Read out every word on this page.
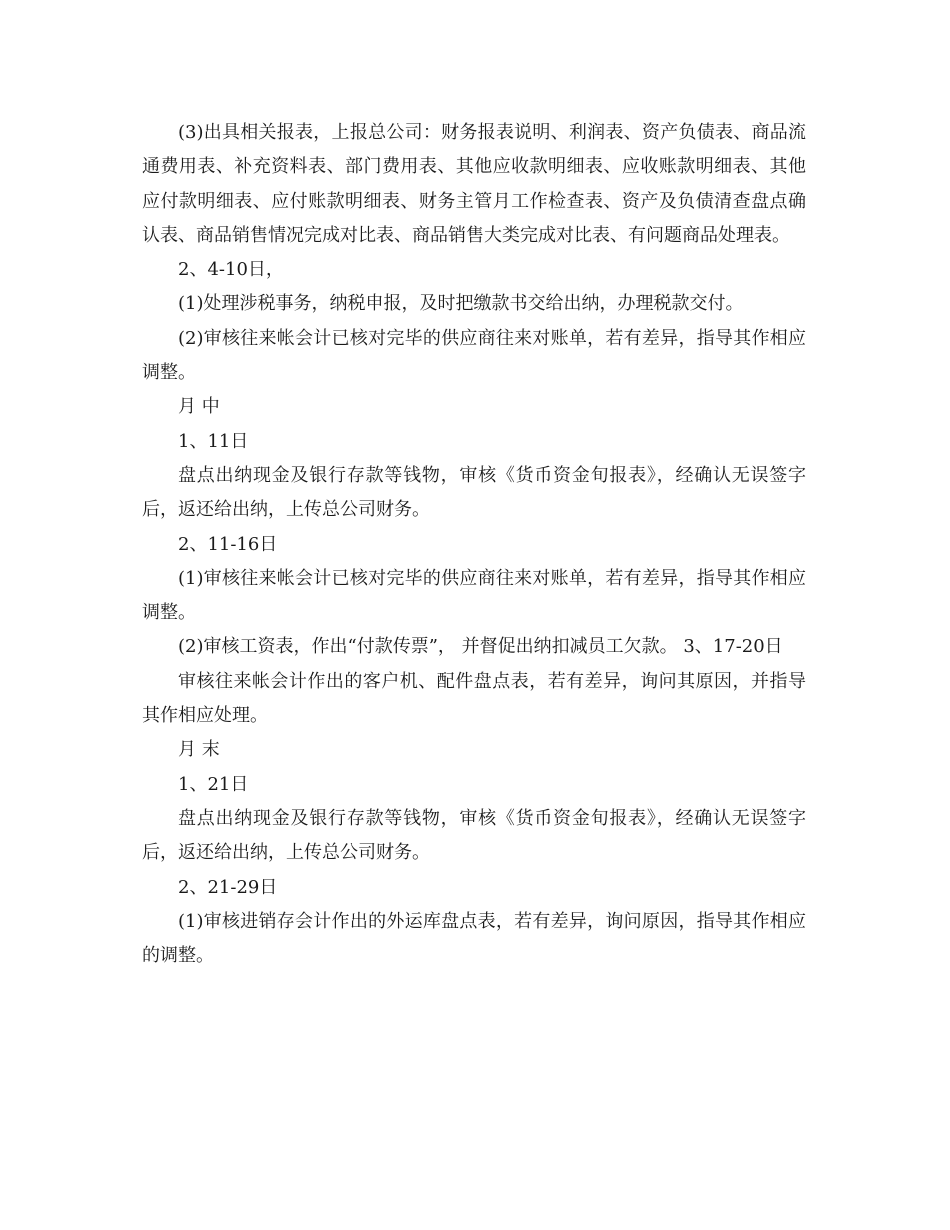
(3)出具相关报表，上报总公司：财务报表说明、利润表、资产负债表、商品流通费用表、补充资料表、部门费用表、其他应收款明细表、应收账款明细表、其他应付款明细表、应付账款明细表、财务主管月工作检查表、资产及负债清查盘点确认表、商品销售情况完成对比表、商品销售大类完成对比表、有问题商品处理表。

2、4-10日，

(1)处理涉税事务，纳税申报，及时把缴款书交给出纳，办理税款交付。

(2)审核往来帐会计已核对完毕的供应商往来对账单，若有差异，指导其作相应调整。

月 中

1、11日

盘点出纳现金及银行存款等钱物，审核《货币资金旬报表》，经确认无误签字后，返还给出纳，上传总公司财务。

2、11-16日

(1)审核往来帐会计已核对完毕的供应商往来对账单，若有差异，指导其作相应调整。

(2)审核工资表，作出“付款传票”， 并督促出纳扣减员工欠款。 3、17-20日

审核往来帐会计作出的客户机、配件盘点表，若有差异，询问其原因，并指导其作相应处理。

月 末

1、21日

盘点出纳现金及银行存款等钱物，审核《货币资金旬报表》，经确认无误签字后，返还给出纳，上传总公司财务。

2、21-29日

(1)审核进销存会计作出的外运库盘点表，若有差异，询问原因，指导其作相应的调整。
